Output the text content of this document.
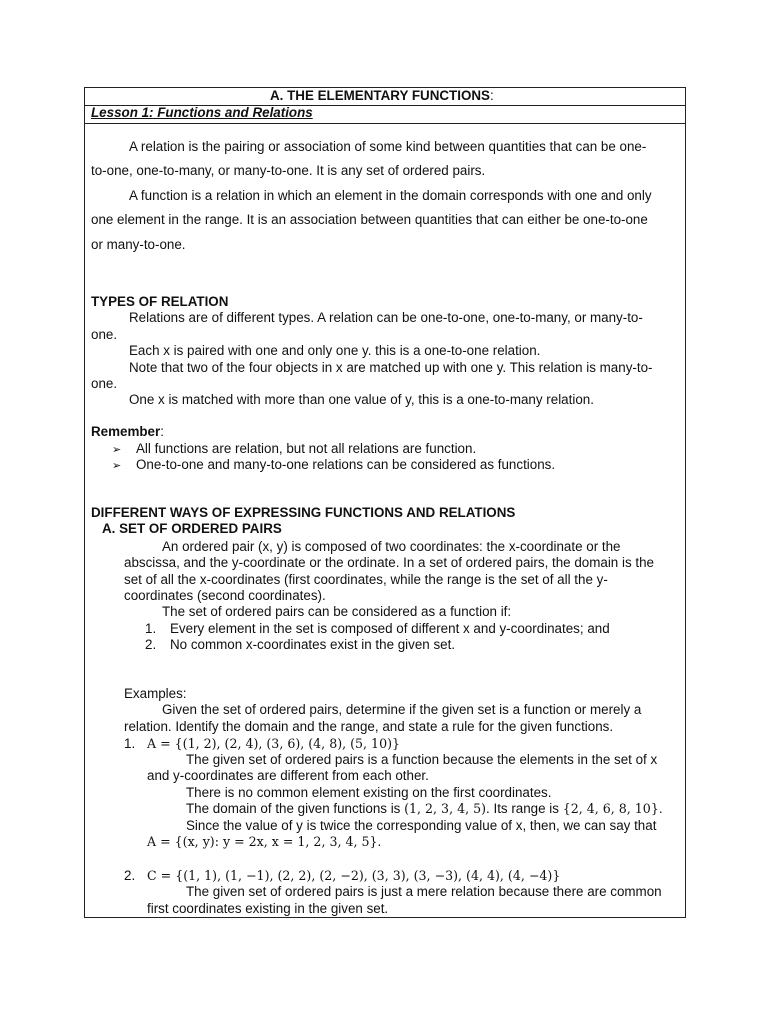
A. THE ELEMENTARY FUNCTIONS:
Lesson 1: Functions and Relations
A relation is the pairing or association of some kind between quantities that can be one-
to-one, one-to-many, or many-to-one. It is any set of ordered pairs.
A function is a relation in which an element in the domain corresponds with one and only
one element in the range. It is an association between quantities that can either be one-to-one
or many-to-one.
TYPES OF RELATION
Relations are of different types. A relation can be one-to-one, one-to-many, or many-to-
one.
Each x is paired with one and only one y. this is a one-to-one relation.
Note that two of the four objects in x are matched up with one y. This relation is many-to-
one.
One x is matched with more than one value of y, this is a one-to-many relation.
Remember:
➢ All functions are relation, but not all relations are function.
➢ One-to-one and many-to-one relations can be considered as functions.
DIFFERENT WAYS OF EXPRESSING FUNCTIONS AND RELATIONS
A. SET OF ORDERED PAIRS
An ordered pair (x, y) is composed of two coordinates: the x-coordinate or the
abscissa, and the y-coordinate or the ordinate. In a set of ordered pairs, the domain is the
set of all the x-coordinates (first coordinates, while the range is the set of all the y-
coordinates (second coordinates).
The set of ordered pairs can be considered as a function if:
1. Every element in the set is composed of different x and y-coordinates; and
2. No common x-coordinates exist in the given set.
Examples:
Given the set of ordered pairs, determine if the given set is a function or merely a
relation. Identify the domain and the range, and state a rule for the given functions.
1. A = {(1, 2), (2, 4), (3, 6), (4, 8), (5, 10)}
The given set of ordered pairs is a function because the elements in the set of x
and y-coordinates are different from each other.
There is no common element existing on the first coordinates.
The domain of the given functions is (1, 2, 3, 4, 5). Its range is {2, 4, 6, 8, 10}.
Since the value of y is twice the corresponding value of x, then, we can say that
A = {(x, y): y = 2x, x = 1, 2, 3, 4, 5}.
2. C = {(1, 1), (1, −1), (2, 2), (2, −2), (3, 3), (3, −3), (4, 4), (4, −4)}
The given set of ordered pairs is just a mere relation because there are common
first coordinates existing in the given set.
